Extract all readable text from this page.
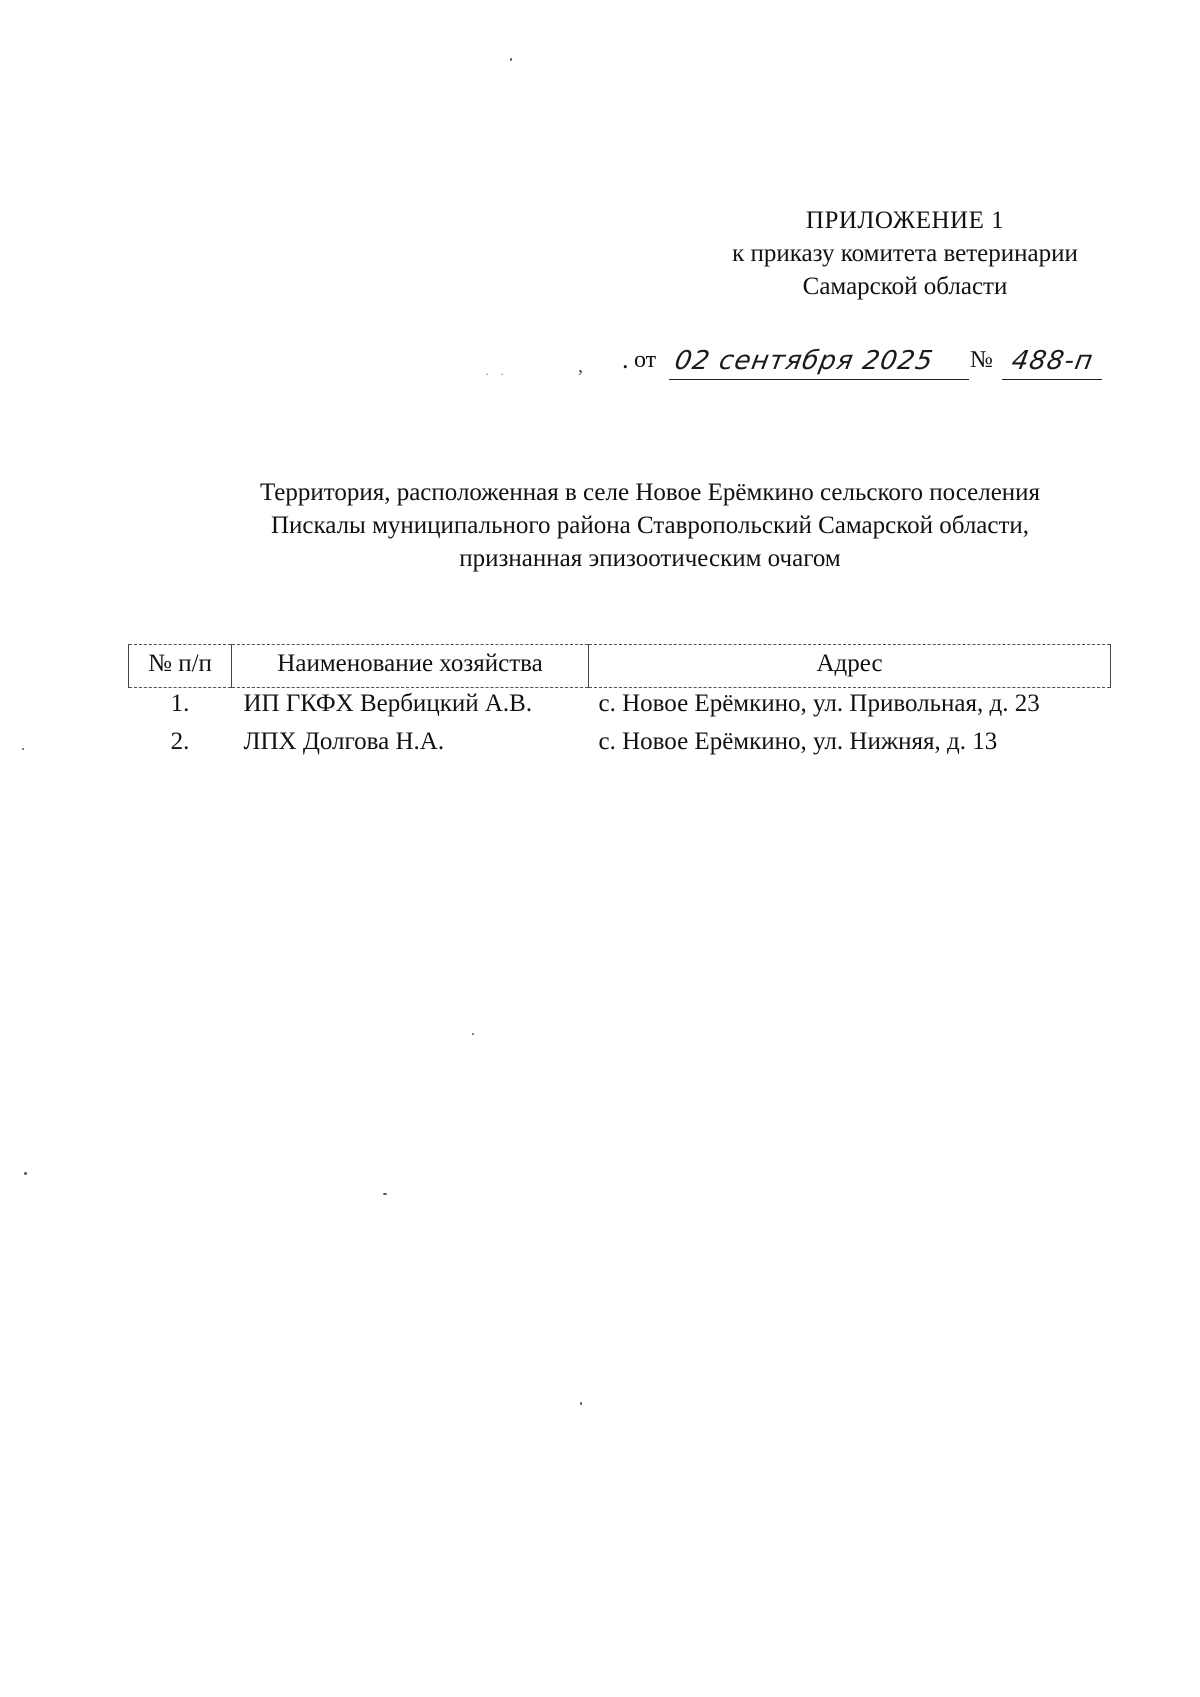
ПРИЛОЖЕНИЕ 1
к приказу комитета ветеринарии
Самарской области
· ·	, . от 02 сентября 2025 № 488-п
Территория, расположенная в селе Новое Ерёмкино сельского поселения
Пискалы муниципального района Ставропольский Самарской области,
признанная эпизоотическим очагом
№ п/п	Наименование хозяйства	Адрес
1.	ИП ГКФХ Вербицкий А.В.	с. Новое Ерёмкино, ул. Привольная, д. 23
2.	ЛПХ Долгова Н.А.	с. Новое Ерёмкино, ул. Нижняя, д. 13
